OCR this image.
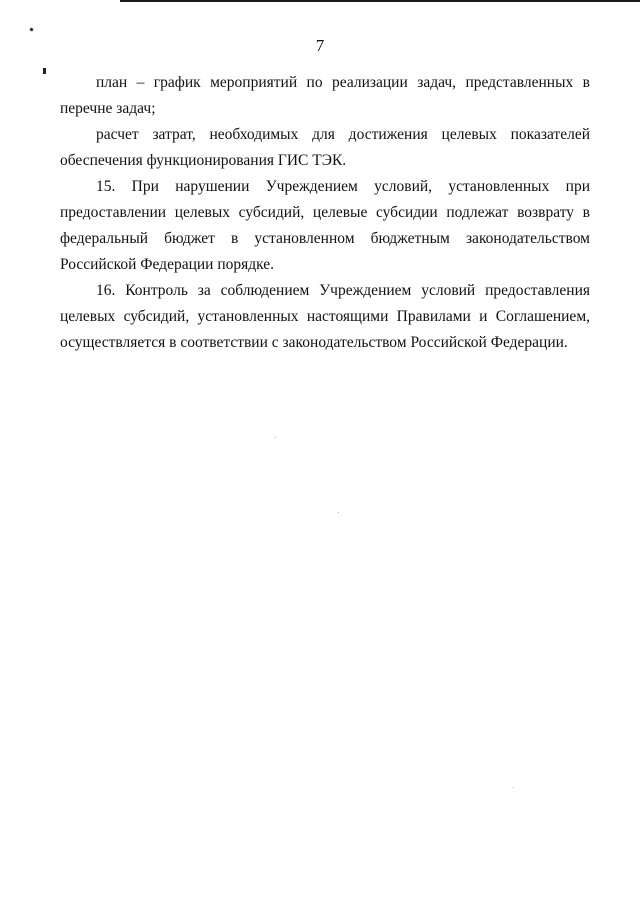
7

план – график мероприятий по реализации задач, представленных в перечне задач;

расчет затрат, необходимых для достижения целевых показателей обеспечения функционирования ГИС ТЭК.

15. При нарушении Учреждением условий, установленных при предоставлении целевых субсидий, целевые субсидии подлежат возврату в федеральный бюджет в установленном бюджетным законодательством Российской Федерации порядке.

16. Контроль за соблюдением Учреждением условий предоставления целевых субсидий, установленных настоящими Правилами и Соглашением, осуществляется в соответствии с законодательством Российской Федерации.
